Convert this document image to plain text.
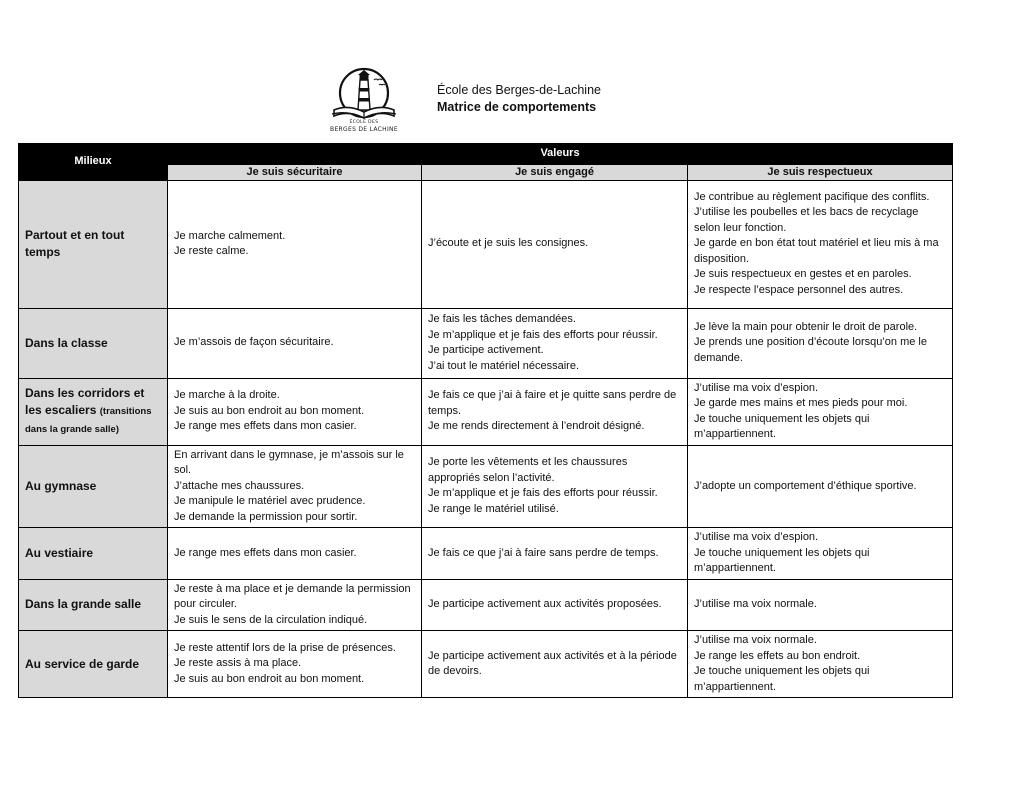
ÉCOLE DES
BERGES DE LACHINE
École des Berges-de-Lachine
Matrice de comportements
Milieux	Valeurs		
	Je suis sécuritaire	Je suis engagé	Je suis respectueux
Partout et en tout temps	Je marche calmement.
Je reste calme.	J’écoute et je suis les consignes.	Je contribue au règlement pacifique des conflits.
J’utilise les poubelles et les bacs de recyclage selon leur fonction.
Je garde en bon état tout matériel et lieu mis à ma disposition.
Je suis respectueux en gestes et en paroles.
Je respecte l’espace personnel des autres.

Dans la classe	Je m’assois de façon sécuritaire.	Je fais les tâches demandées.
Je m’applique et je fais des efforts pour réussir.
Je participe activement.
J’ai tout le matériel nécessaire.	Je lève la main pour obtenir le droit de parole.
Je prends une position d’écoute lorsqu’on me le demande.

Dans les corridors et les escaliers (transitions dans la grande salle)	Je marche à la droite.
Je suis au bon endroit au bon moment.
Je range mes effets dans mon casier.	Je fais ce que j’ai à faire et je quitte sans perdre de temps.
Je me rends directement à l’endroit désigné.	J’utilise ma voix d’espion.
Je garde mes mains et mes pieds pour moi.
Je touche uniquement les objets qui m’appartiennent.

Au gymnase	En arrivant dans le gymnase, je m’assois sur le sol.
J’attache mes chaussures.
Je manipule le matériel avec prudence.
Je demande la permission pour sortir.	Je porte les vêtements et les chaussures appropriés selon l’activité.
Je m’applique et je fais des efforts pour réussir.
Je range le matériel utilisé.	J’adopte un comportement d’éthique sportive.

Au vestiaire	Je range mes effets dans mon casier.	Je fais ce que j’ai à faire sans perdre de temps.	J’utilise ma voix d’espion.
Je touche uniquement les objets qui m’appartiennent.

Dans la grande salle	Je reste à ma place et je demande la permission pour circuler.
Je suis le sens de la circulation indiqué.	Je participe activement aux activités proposées.	J’utilise ma voix normale.

Au service de garde	Je reste attentif lors de la prise de présences.
Je reste assis à ma place.
Je suis au bon endroit au bon moment.	Je participe activement aux activités et à la période de devoirs.	J’utilise ma voix normale.
Je range les effets au bon endroit.
Je touche uniquement les objets qui m’appartiennent.
